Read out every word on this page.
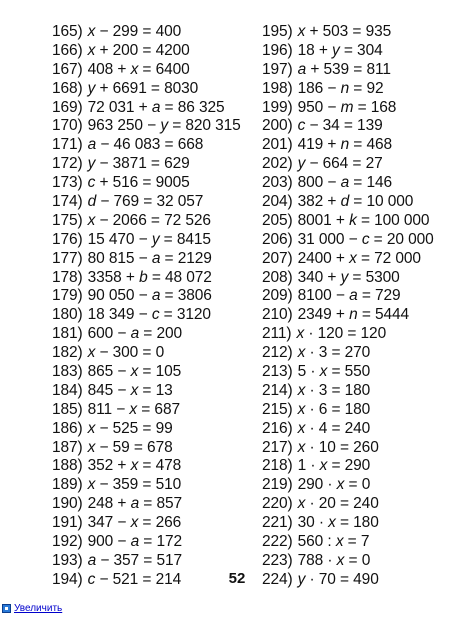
165) x − 299 = 400
166) x + 200 = 4200
167) 408 + x = 6400
168) y + 6691 = 8030
169) 72 031 + a = 86 325
170) 963 250 − y = 820 315
171) a − 46 083 = 668
172) y − 3871 = 629
173) c + 516 = 9005
174) d − 769 = 32 057
175) x − 2066 = 72 526
176) 15 470 − y = 8415
177) 80 815 − a = 2129
178) 3358 + b = 48 072
179) 90 050 − a = 3806
180) 18 349 − c = 3120
181) 600 − a = 200
182) x − 300 = 0
183) 865 − x = 105
184) 845 − x = 13
185) 811 − x = 687
186) x − 525 = 99
187) x − 59 = 678
188) 352 + x = 478
189) x − 359 = 510
190) 248 + a = 857
191) 347 − x = 266
192) 900 − a = 172
193) a − 357 = 517
194) c − 521 = 214
195) x + 503 = 935
196) 18 + y = 304
197) a + 539 = 811
198) 186 − n = 92
199) 950 − m = 168
200) c − 34 = 139
201) 419 + n = 468
202) y − 664 = 27
203) 800 − a = 146
204) 382 + d = 10 000
205) 8001 + k = 100 000
206) 31 000 − c = 20 000
207) 2400 + x = 72 000
208) 340 + y = 5300
209) 8100 − a = 729
210) 2349 + n = 5444
211) x · 120 = 120
212) x · 3 = 270
213) 5 · x = 550
214) x · 3 = 180
215) x · 6 = 180
216) x · 4 = 240
217) x · 10 = 260
218) 1 · x = 290
219) 290 · x = 0
220) x · 20 = 240
221) 30 · x = 180
222) 560 : x = 7
223) 788 · x = 0
224) y · 70 = 490
52
Увеличить
